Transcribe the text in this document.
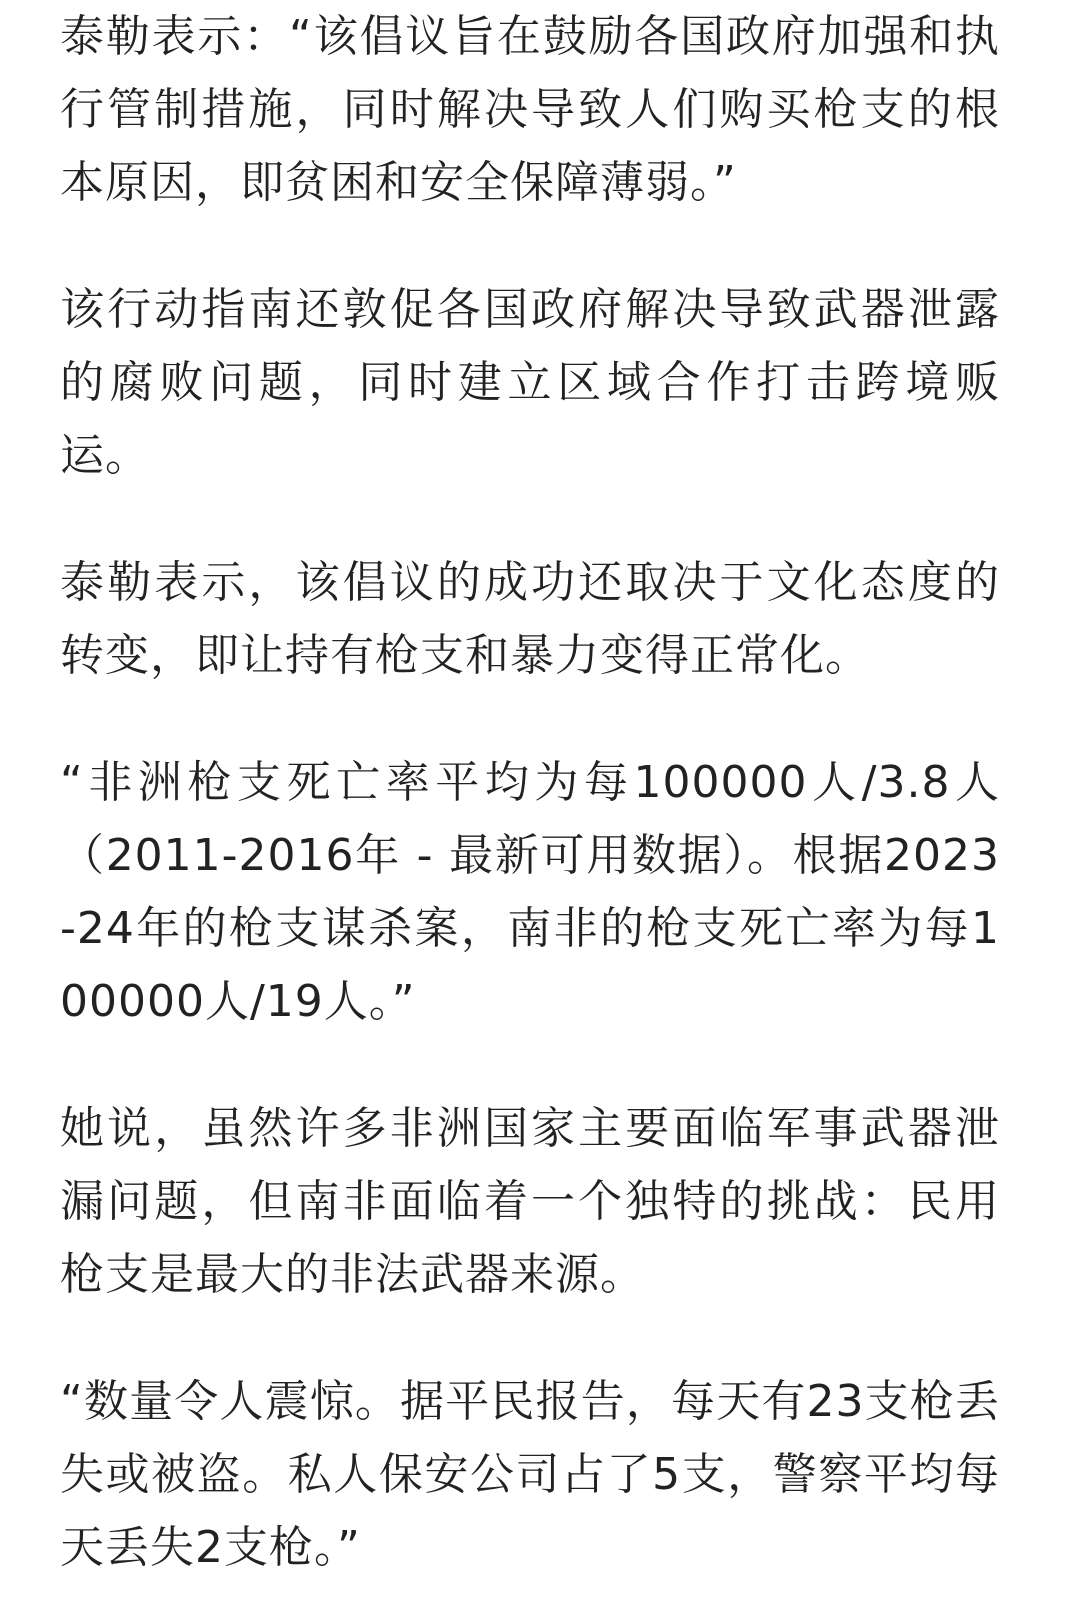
泰勒表示：“该倡议旨在鼓励各国政府加强和执行管制措施，同时解决导致人们购买枪支的根本原因，即贫困和安全保障薄弱。”

该行动指南还敦促各国政府解决导致武器泄露的腐败问题，同时建立区域合作打击跨境贩运。

泰勒表示，该倡议的成功还取决于文化态度的转变，即让持有枪支和暴力变得正常化。

“非洲枪支死亡率平均为每100000人/3.8人（2011-2016年 - 最新可用数据）。根据2023-24年的枪支谋杀案，南非的枪支死亡率为每100000人/19人。”

她说，虽然许多非洲国家主要面临军事武器泄漏问题，但南非面临着一个独特的挑战：民用枪支是最大的非法武器来源。

“数量令人震惊。据平民报告，每天有23支枪丢失或被盗。私人保安公司占了5支，警察平均每天丢失2支枪。”
